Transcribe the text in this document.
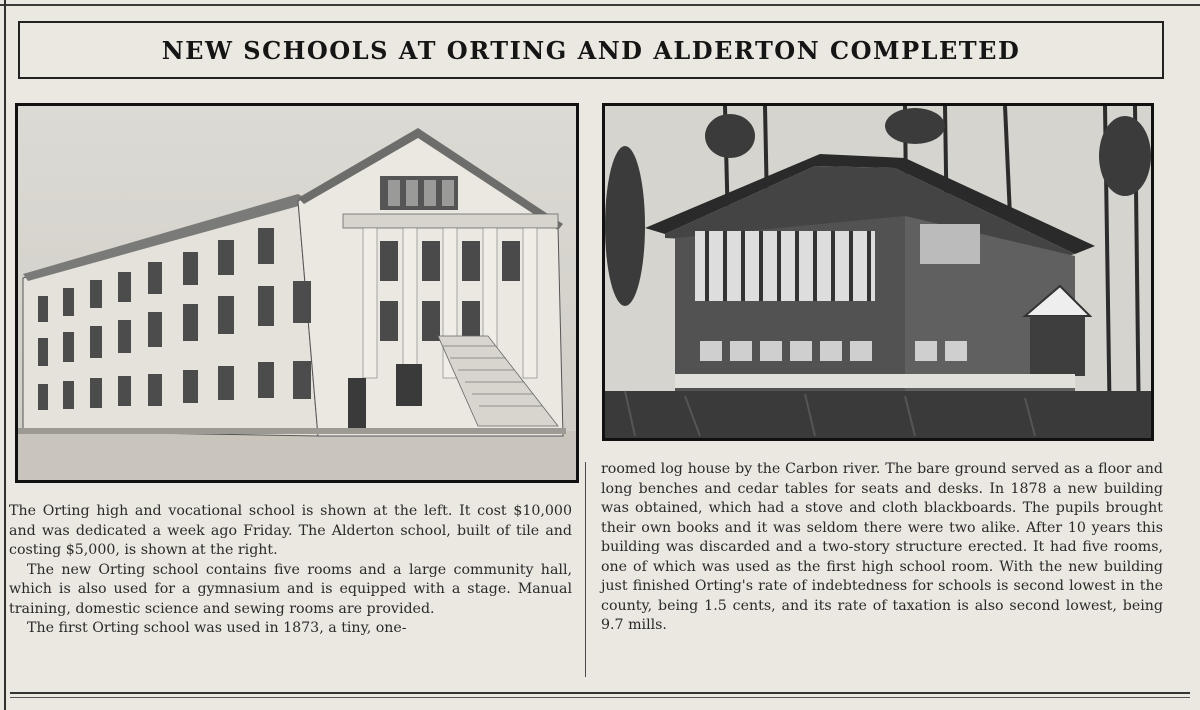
NEW SCHOOLS AT ORTING AND ALDERTON COMPLETED

The Orting high and vocational school is shown at the left. It cost $10,000 and was dedicated a week ago Friday. The Alderton school, built of tile and costing $5,000, is shown at the right.

The new Orting school contains five rooms and a large community hall, which is also used for a gymnasium and is equipped with a stage. Manual training, domestic science and sewing rooms are provided.

The first Orting school was used in 1873, a tiny, one-

roomed log house by the Carbon river. The bare ground served as a floor and long benches and cedar tables for seats and desks. In 1878 a new building was obtained, which had a stove and cloth blackboards. The pupils brought their own books and it was seldom there were two alike. After 10 years this building was discarded and a two-story structure erected. It had five rooms, one of which was used as the first high school room. With the new building just finished Orting's rate of indebtedness for schools is second lowest in the county, being 1.5 cents, and its rate of taxation is also second lowest, being 9.7 mills.
